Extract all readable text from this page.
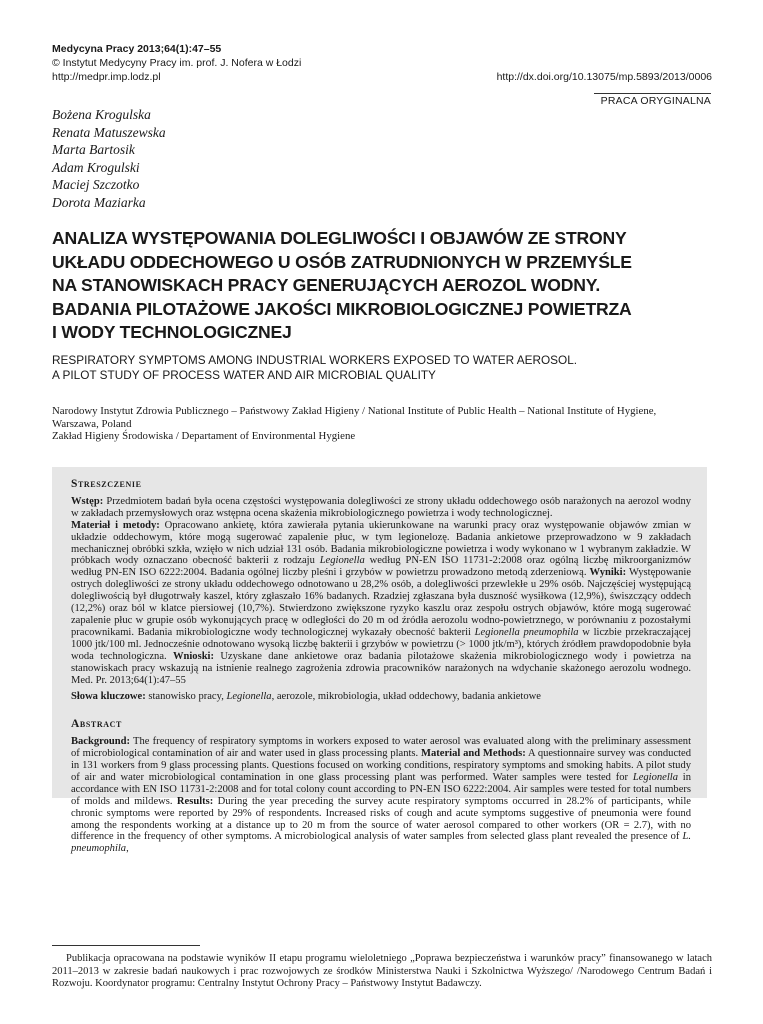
Medycyna Pracy 2013;64(1):47–55
© Instytut Medycyny Pracy im. prof. J. Nofera w Łodzi
http://medpr.imp.lodz.pl	http://dx.doi.org/10.13075/mp.5893/2013/0006
PRACA ORYGINALNA
Bożena Krogulska
Renata Matuszewska
Marta Bartosik
Adam Krogulski
Maciej Szczotko
Dorota Maziarka
ANALIZA WYSTĘPOWANIA DOLEGLIWOŚCI I OBJAWÓW ZE STRONY
UKŁADU ODDECHOWEGO U OSÓB ZATRUDNIONYCH W PRZEMYŚLE
NA STANOWISKACH PRACY GENERUJĄCYCH AEROZOL WODNY.
BADANIA PILOTAŻOWE JAKOŚCI MIKROBIOLOGICZNEJ POWIETRZA
I WODY TECHNOLOGICZNEJ
RESPIRATORY SYMPTOMS AMONG INDUSTRIAL WORKERS EXPOSED TO WATER AEROSOL.
A PILOT STUDY OF PROCESS WATER AND AIR MICROBIAL QUALITY
Narodowy Instytut Zdrowia Publicznego – Państwowy Zakład Higieny / National Institute of Public Health – National Institute of Hygiene, Warszawa, Poland
Zakład Higieny Środowiska / Departament of Environmental Hygiene
Streszczenie

Wstęp: Przedmiotem badań była ocena częstości występowania dolegliwości ze strony układu oddechowego osób narażonych na aerozol wodny w zakładach przemysłowych oraz wstępna ocena skażenia mikrobiologicznego powietrza i wody technologicznej.
Materiał i metody: Opracowano ankietę, która zawierała pytania ukierunkowane na warunki pracy oraz występowanie objawów zmian w układzie oddechowym, które mogą sugerować zapalenie płuc, w tym legionelozę. Badania ankietowe przeprowadzono w 9 zakładach mechanicznej obróbki szkła, wzięło w nich udział 131 osób. Badania mikrobiologiczne powietrza i wody wykonano w 1 wybranym zakładzie. W próbkach wody oznaczano obecność bakterii z rodzaju Legionella według PN-EN ISO 11731-2:2008 oraz ogólną liczbę mikroorganizmów według PN-EN ISO 6222:2004. Badania ogólnej liczby pleśni i grzybów w powietrzu prowadzono metodą zderzeniową. Wyniki: Występowanie ostrych dolegliwości ze strony układu oddechowego odnotowano u 28,2% osób, a dolegliwości przewlekłe u 29% osób. Najczęściej występującą dolegliwością był długotrwały kaszel, który zgłaszało 16% badanych. Rzadziej zgłaszana była duszność wysiłkowa (12,9%), świszczący oddech (12,2%) oraz ból w klatce piersiowej (10,7%). Stwierdzono zwiększone ryzyko kaszlu oraz zespołu ostrych objawów, które mogą sugerować zapalenie płuc w grupie osób wykonujących pracę w odległości do 20 m od źródła aerozolu wodno-powietrznego, w porównaniu z pozostałymi pracownikami. Badania mikrobiologiczne wody technologicznej wykazały obecność bakterii Legionella pneumophila w liczbie przekraczającej 1000 jtk/100 ml. Jednocześnie odnotowano wysoką liczbę bakterii i grzybów w powietrzu (> 1000 jtk/m³), których źródłem prawdopodobnie była woda technologiczna. Wnioski: Uzyskane dane ankietowe oraz badania pilotażowe skażenia mikrobiologicznego wody i powietrza na stanowiskach pracy wskazują na istnienie realnego zagrożenia zdrowia pracowników narażonych na wdychanie skażonego aerozolu wodnego. Med. Pr. 2013;64(1):47–55

Słowa kluczowe: stanowisko pracy, Legionella, aerozole, mikrobiologia, układ oddechowy, badania ankietowe

Abstract

Background: The frequency of respiratory symptoms in workers exposed to water aerosol was evaluated along with the preliminary assessment of microbiological contamination of air and water used in glass processing plants. Material and Methods: A questionnaire survey was conducted in 131 workers from 9 glass processing plants. Questions focused on working conditions, respiratory symptoms and smoking habits. A pilot study of air and water microbiological contamination in one glass processing plant was performed. Water samples were tested for Legionella in accordance with EN ISO 11731-2:2008 and for total colony count according to PN-EN ISO 6222:2004. Air samples were tested for total numbers of molds and mildews. Results: During the year preceding the survey acute respiratory symptoms occurred in 28.2% of participants, while chronic symptoms were reported by 29% of respondents. Increased risks of cough and acute symptoms suggestive of pneumonia were found among the respondents working at a distance up to 20 m from the source of water aerosol compared to other workers (OR = 2.7), with no difference in the frequency of other symptoms. A microbiological analysis of water samples from selected glass plant revealed the presence of L. pneumophila,

Publikacja opracowana na podstawie wyników II etapu programu wieloletniego „Poprawa bezpieczeństwa i warunków pracy” finansowanego w latach 2011–2013 w zakresie badań naukowych i prac rozwojowych ze środków Ministerstwa Nauki i Szkolnictwa Wyższego/ /Narodowego Centrum Badań i Rozwoju. Koordynator programu: Centralny Instytut Ochrony Pracy – Państwowy Instytut Badawczy.
